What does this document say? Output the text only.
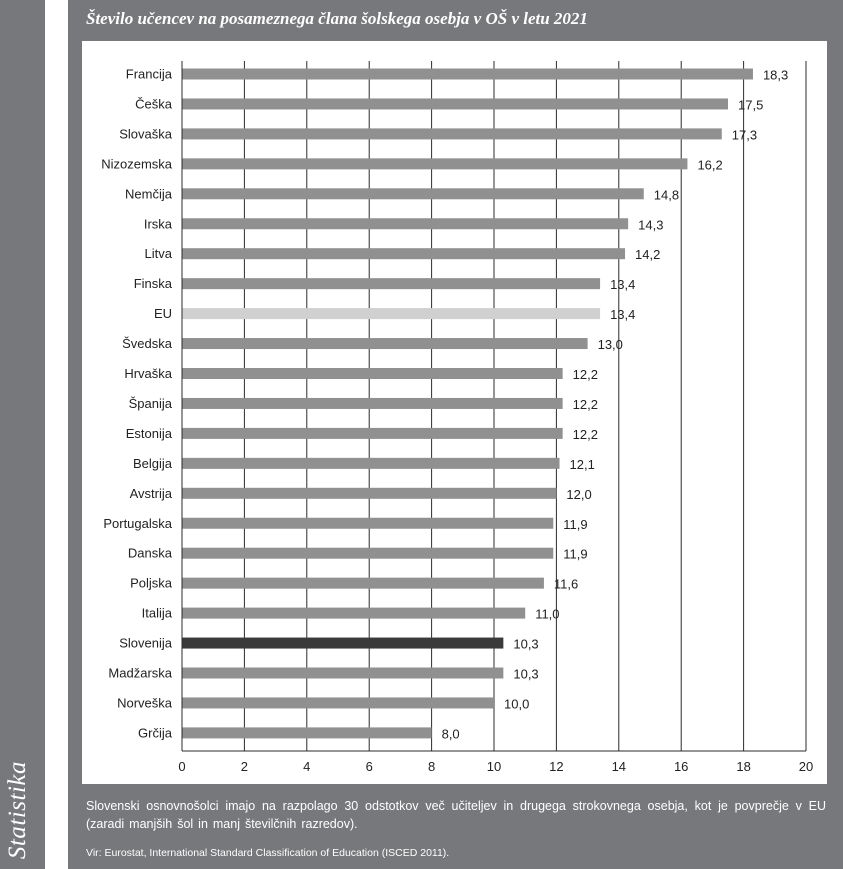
Statistika
Število učencev na posameznega člana šolskega osebja v OŠ v letu 2021
0	2	4	6	8	10	12	14	16	18	20
Francija	18,3
Češka	17,5
Slovaška	17,3
Nizozemska	16,2
Nemčija	14,8
Irska	14,3
Litva	14,2
Finska	13,4
EU	13,4
Švedska	13,0
Hrvaška	12,2
Španija	12,2
Estonija	12,2
Belgija	12,1
Avstrija	12,0
Portugalska	11,9
Danska	11,9
Poljska	11,6
Italija	11,0
Slovenija	10,3
Madžarska	10,3
Norveška	10,0
Grčija	8,0
Slovenski osnovnošolci imajo na razpolago 30 odstotkov več učiteljev in drugega strokovnega osebja, kot je povprečje v EU (zaradi manjših šol in manj številčnih razredov).
Vir: Eurostat, International Standard Classification of Education (ISCED 2011).
